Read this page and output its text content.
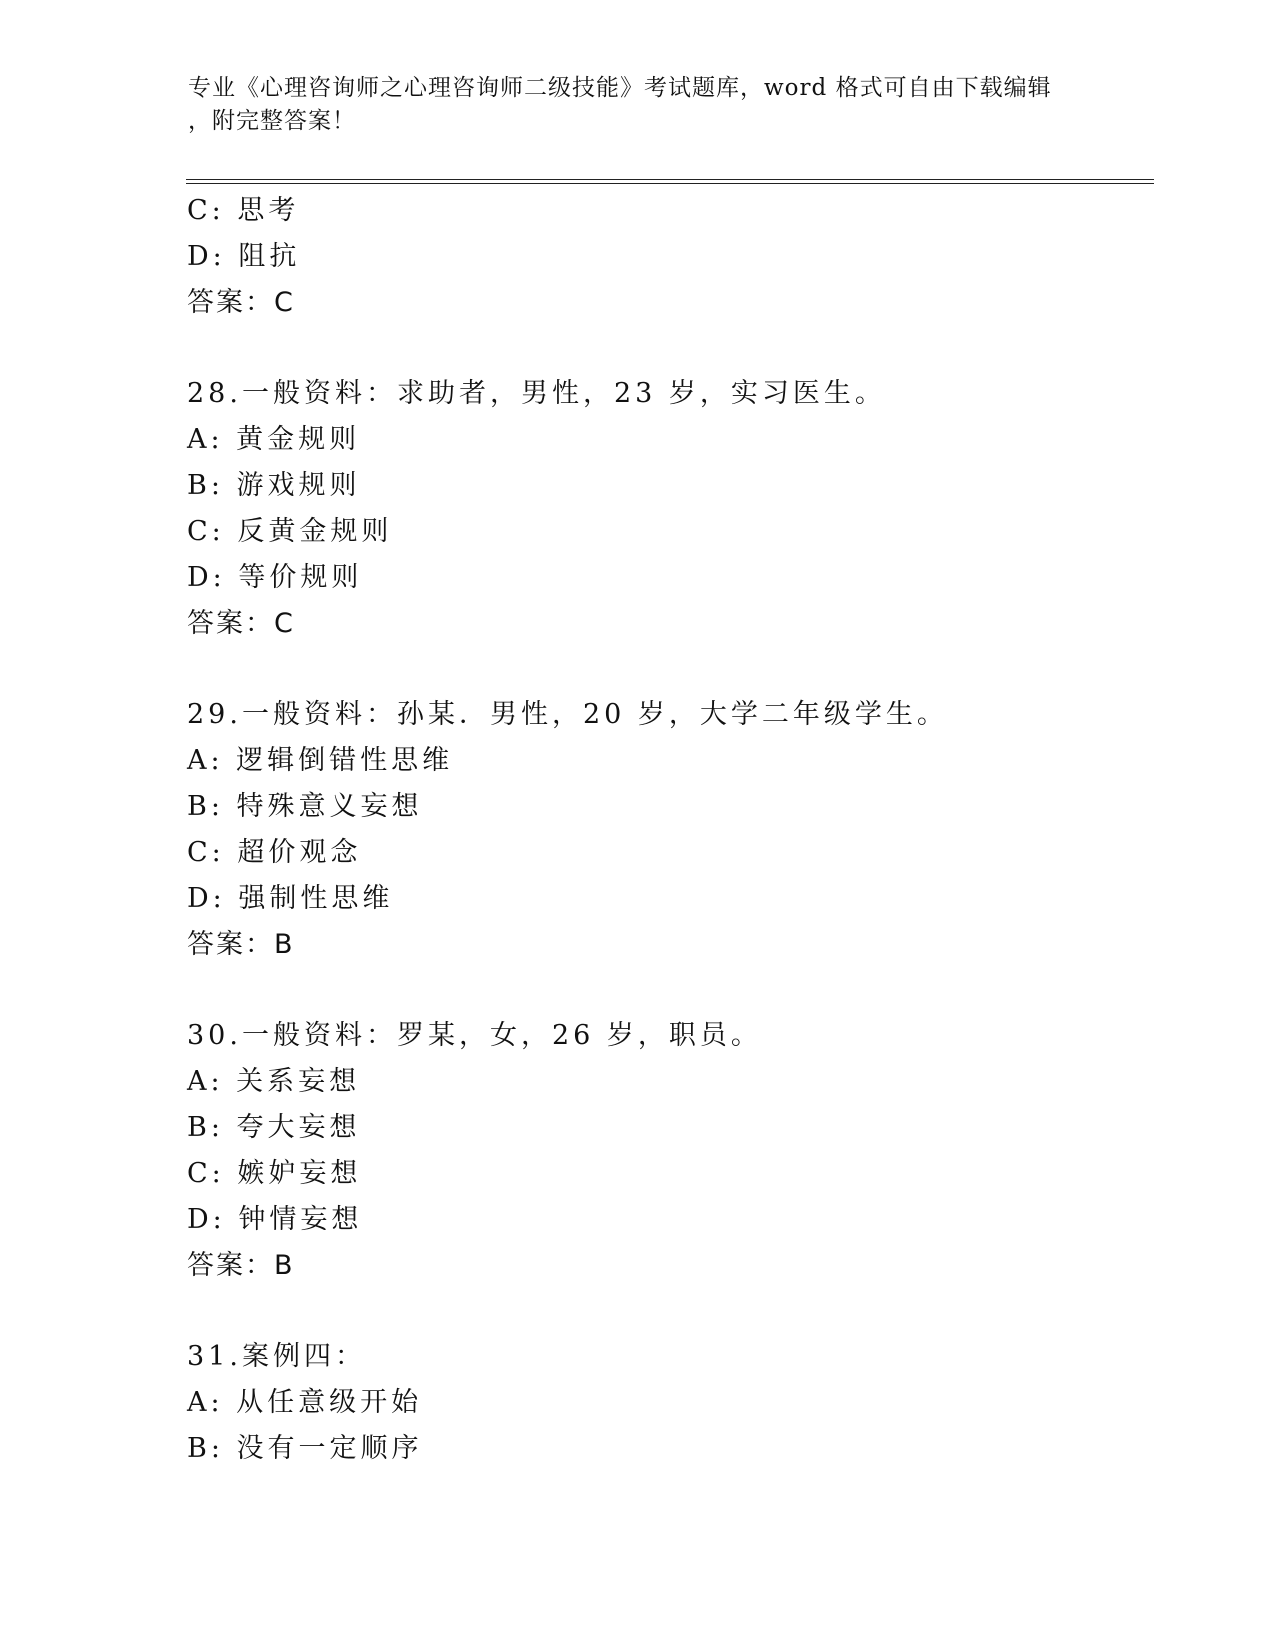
专业《心理咨询师之心理咨询师二级技能》考试题库，word 格式可自由下载编辑
，附完整答案！
C: 思考
D: 阻抗
答案：C
28.一般资料：求助者，男性，23 岁，实习医生。
A: 黄金规则
B: 游戏规则
C: 反黄金规则
D: 等价规则
答案：C
29.一般资料：孙某．男性，20 岁，大学二年级学生。
A: 逻辑倒错性思维
B: 特殊意义妄想
C: 超价观念
D: 强制性思维
答案：B
30.一般资料：罗某，女，26 岁，职员。
A: 关系妄想
B: 夸大妄想
C: 嫉妒妄想
D: 钟情妄想
答案：B
31.案例四：
A: 从任意级开始
B: 没有一定顺序
